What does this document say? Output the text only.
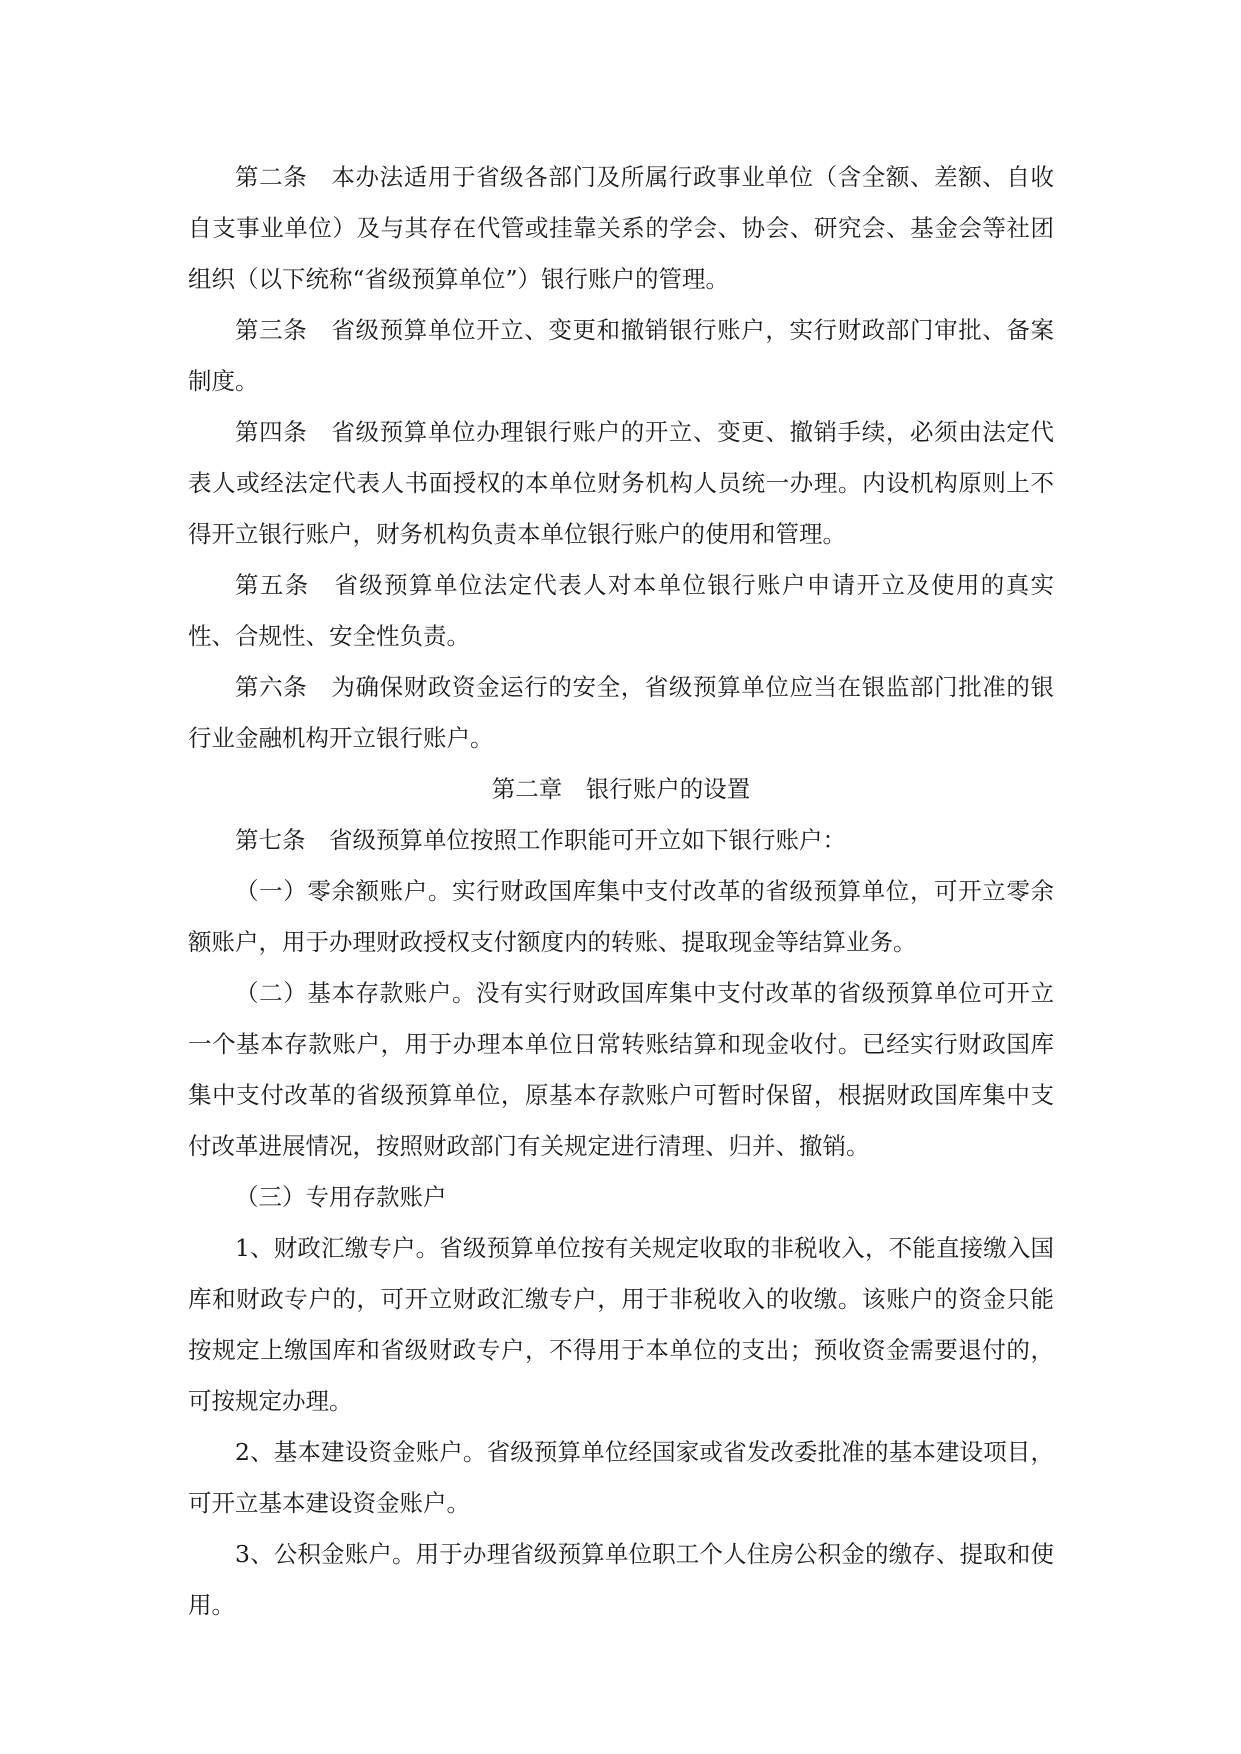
第二条 本办法适用于省级各部门及所属行政事业单位（含全额、差额、自收自支事业单位）及与其存在代管或挂靠关系的学会、协会、研究会、基金会等社团组织（以下统称“省级预算单位”）银行账户的管理。

第三条 省级预算单位开立、变更和撤销银行账户，实行财政部门审批、备案制度。

第四条 省级预算单位办理银行账户的开立、变更、撤销手续，必须由法定代表人或经法定代表人书面授权的本单位财务机构人员统一办理。内设机构原则上不得开立银行账户，财务机构负责本单位银行账户的使用和管理。

第五条 省级预算单位法定代表人对本单位银行账户申请开立及使用的真实性、合规性、安全性负责。

第六条 为确保财政资金运行的安全，省级预算单位应当在银监部门批准的银行业金融机构开立银行账户。

第二章 银行账户的设置

第七条 省级预算单位按照工作职能可开立如下银行账户：

（一）零余额账户。实行财政国库集中支付改革的省级预算单位，可开立零余额账户，用于办理财政授权支付额度内的转账、提取现金等结算业务。

（二）基本存款账户。没有实行财政国库集中支付改革的省级预算单位可开立一个基本存款账户，用于办理本单位日常转账结算和现金收付。已经实行财政国库集中支付改革的省级预算单位，原基本存款账户可暂时保留，根据财政国库集中支付改革进展情况，按照财政部门有关规定进行清理、归并、撤销。

（三）专用存款账户

1、财政汇缴专户。省级预算单位按有关规定收取的非税收入，不能直接缴入国库和财政专户的，可开立财政汇缴专户，用于非税收入的收缴。该账户的资金只能按规定上缴国库和省级财政专户，不得用于本单位的支出；预收资金需要退付的，可按规定办理。

2、基本建设资金账户。省级预算单位经国家或省发改委批准的基本建设项目，可开立基本建设资金账户。

3、公积金账户。用于办理省级预算单位职工个人住房公积金的缴存、提取和使用。
